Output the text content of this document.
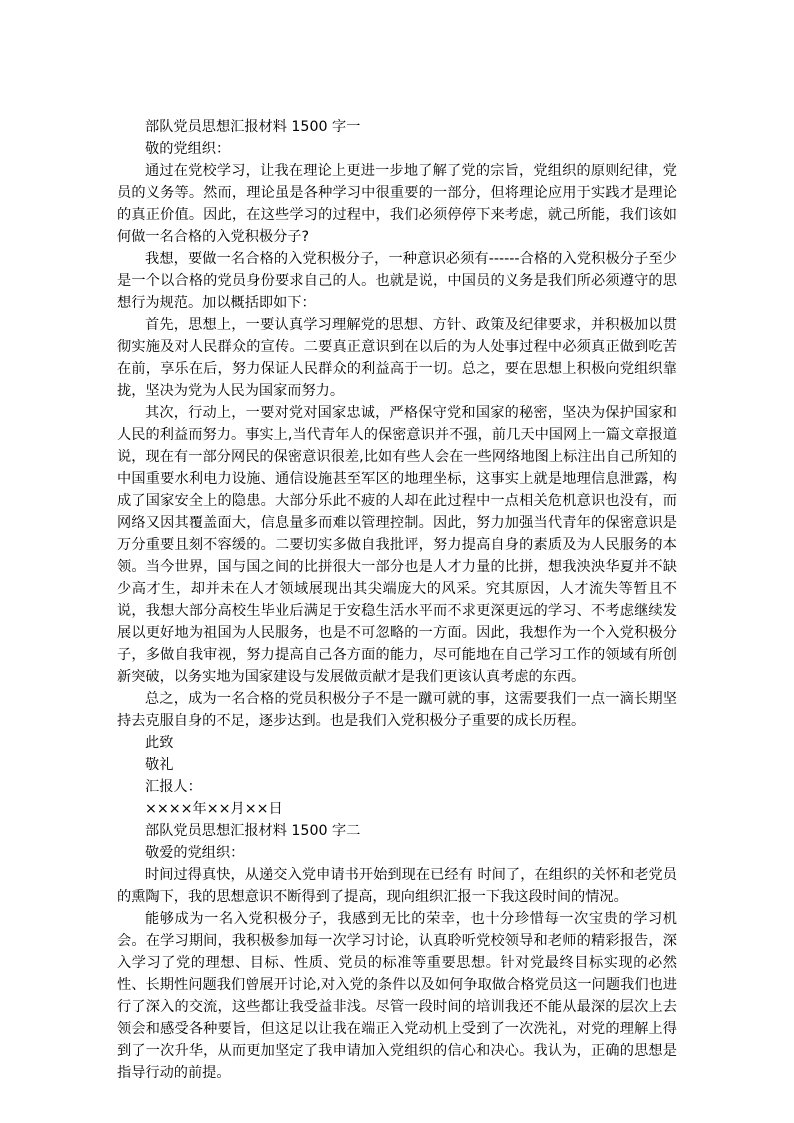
部队党员思想汇报材料 1500 字一
敬的党组织：

通过在党校学习，让我在理论上更进一步地了解了党的宗旨，党组织的原则纪律，党员的义务等。然而，理论虽是各种学习中很重要的一部分，但将理论应用于实践才是理论的真正价值。因此，在这些学习的过程中，我们必须停停下来考虑，就己所能，我们该如何做一名合格的入党积极分子?

我想，要做一名合格的入党积极分子，一种意识必须有------合格的入党积极分子至少是一个以合格的党员身份要求自己的人。也就是说，中国员的义务是我们所必须遵守的思想行为规范。加以概括即如下：

首先，思想上，一要认真学习理解党的思想、方针、政策及纪律要求，并积极加以贯彻实施及对人民群众的宣传。二要真正意识到在以后的为人处事过程中必须真正做到吃苦在前，享乐在后，努力保证人民群众的利益高于一切。总之，要在思想上积极向党组织靠拢，坚决为党为人民为国家而努力。

其次，行动上，一要对党对国家忠诚，严格保守党和国家的秘密，坚决为保护国家和人民的利益而努力。事实上,当代青年人的保密意识并不强，前几天中国网上一篇文章报道说，现在有一部分网民的保密意识很差,比如有些人会在一些网络地图上标注出自己所知的中国重要水利电力设施、通信设施甚至军区的地理坐标，这事实上就是地理信息泄露，构成了国家安全上的隐患。大部分乐此不疲的人却在此过程中一点相关危机意识也没有，而网络又因其覆盖面大，信息量多而难以管理控制。因此，努力加强当代青年的保密意识是万分重要且刻不容缓的。二要切实多做自我批评，努力提高自身的素质及为人民服务的本领。当今世界，国与国之间的比拼很大一部分也是人才力量的比拼，想我泱泱华夏并不缺少高才生，却并未在人才领域展现出其尖端庞大的风采。究其原因，人才流失等暂且不说，我想大部分高校生毕业后满足于安稳生活水平而不求更深更远的学习、不考虑继续发展以更好地为祖国为人民服务，也是不可忽略的一方面。因此，我想作为一个入党积极分子，多做自我审视，努力提高自己各方面的能力，尽可能地在自己学习工作的领域有所创新突破，以务实地为国家建设与发展做贡献才是我们更该认真考虑的东西。

总之，成为一名合格的党员积极分子不是一蹴可就的事，这需要我们一点一滴长期坚持去克服自身的不足，逐步达到。也是我们入党积极分子重要的成长历程。

此致
敬礼
汇报人：
××××年××月××日
部队党员思想汇报材料 1500 字二
敬爱的党组织：

时间过得真快，从递交入党申请书开始到现在已经有 时间了，在组织的关怀和老党员的熏陶下，我的思想意识不断得到了提高，现向组织汇报一下我这段时间的情况。

能够成为一名入党积极分子，我感到无比的荣幸，也十分珍惜每一次宝贵的学习机会。在学习期间，我积极参加每一次学习讨论，认真聆听党校领导和老师的精彩报告，深入学习了党的理想、目标、性质、党员的标准等重要思想。针对党最终目标实现的必然性、长期性问题我们曾展开讨论,对入党的条件以及如何争取做合格党员这一问题我们也进行了深入的交流，这些都让我受益非浅。尽管一段时间的培训我还不能从最深的层次上去领会和感受各种要旨，但这足以让我在端正入党动机上受到了一次洗礼，对党的理解上得到了一次升华，从而更加坚定了我申请加入党组织的信心和决心。我认为，正确的思想是指导行动的前提。
